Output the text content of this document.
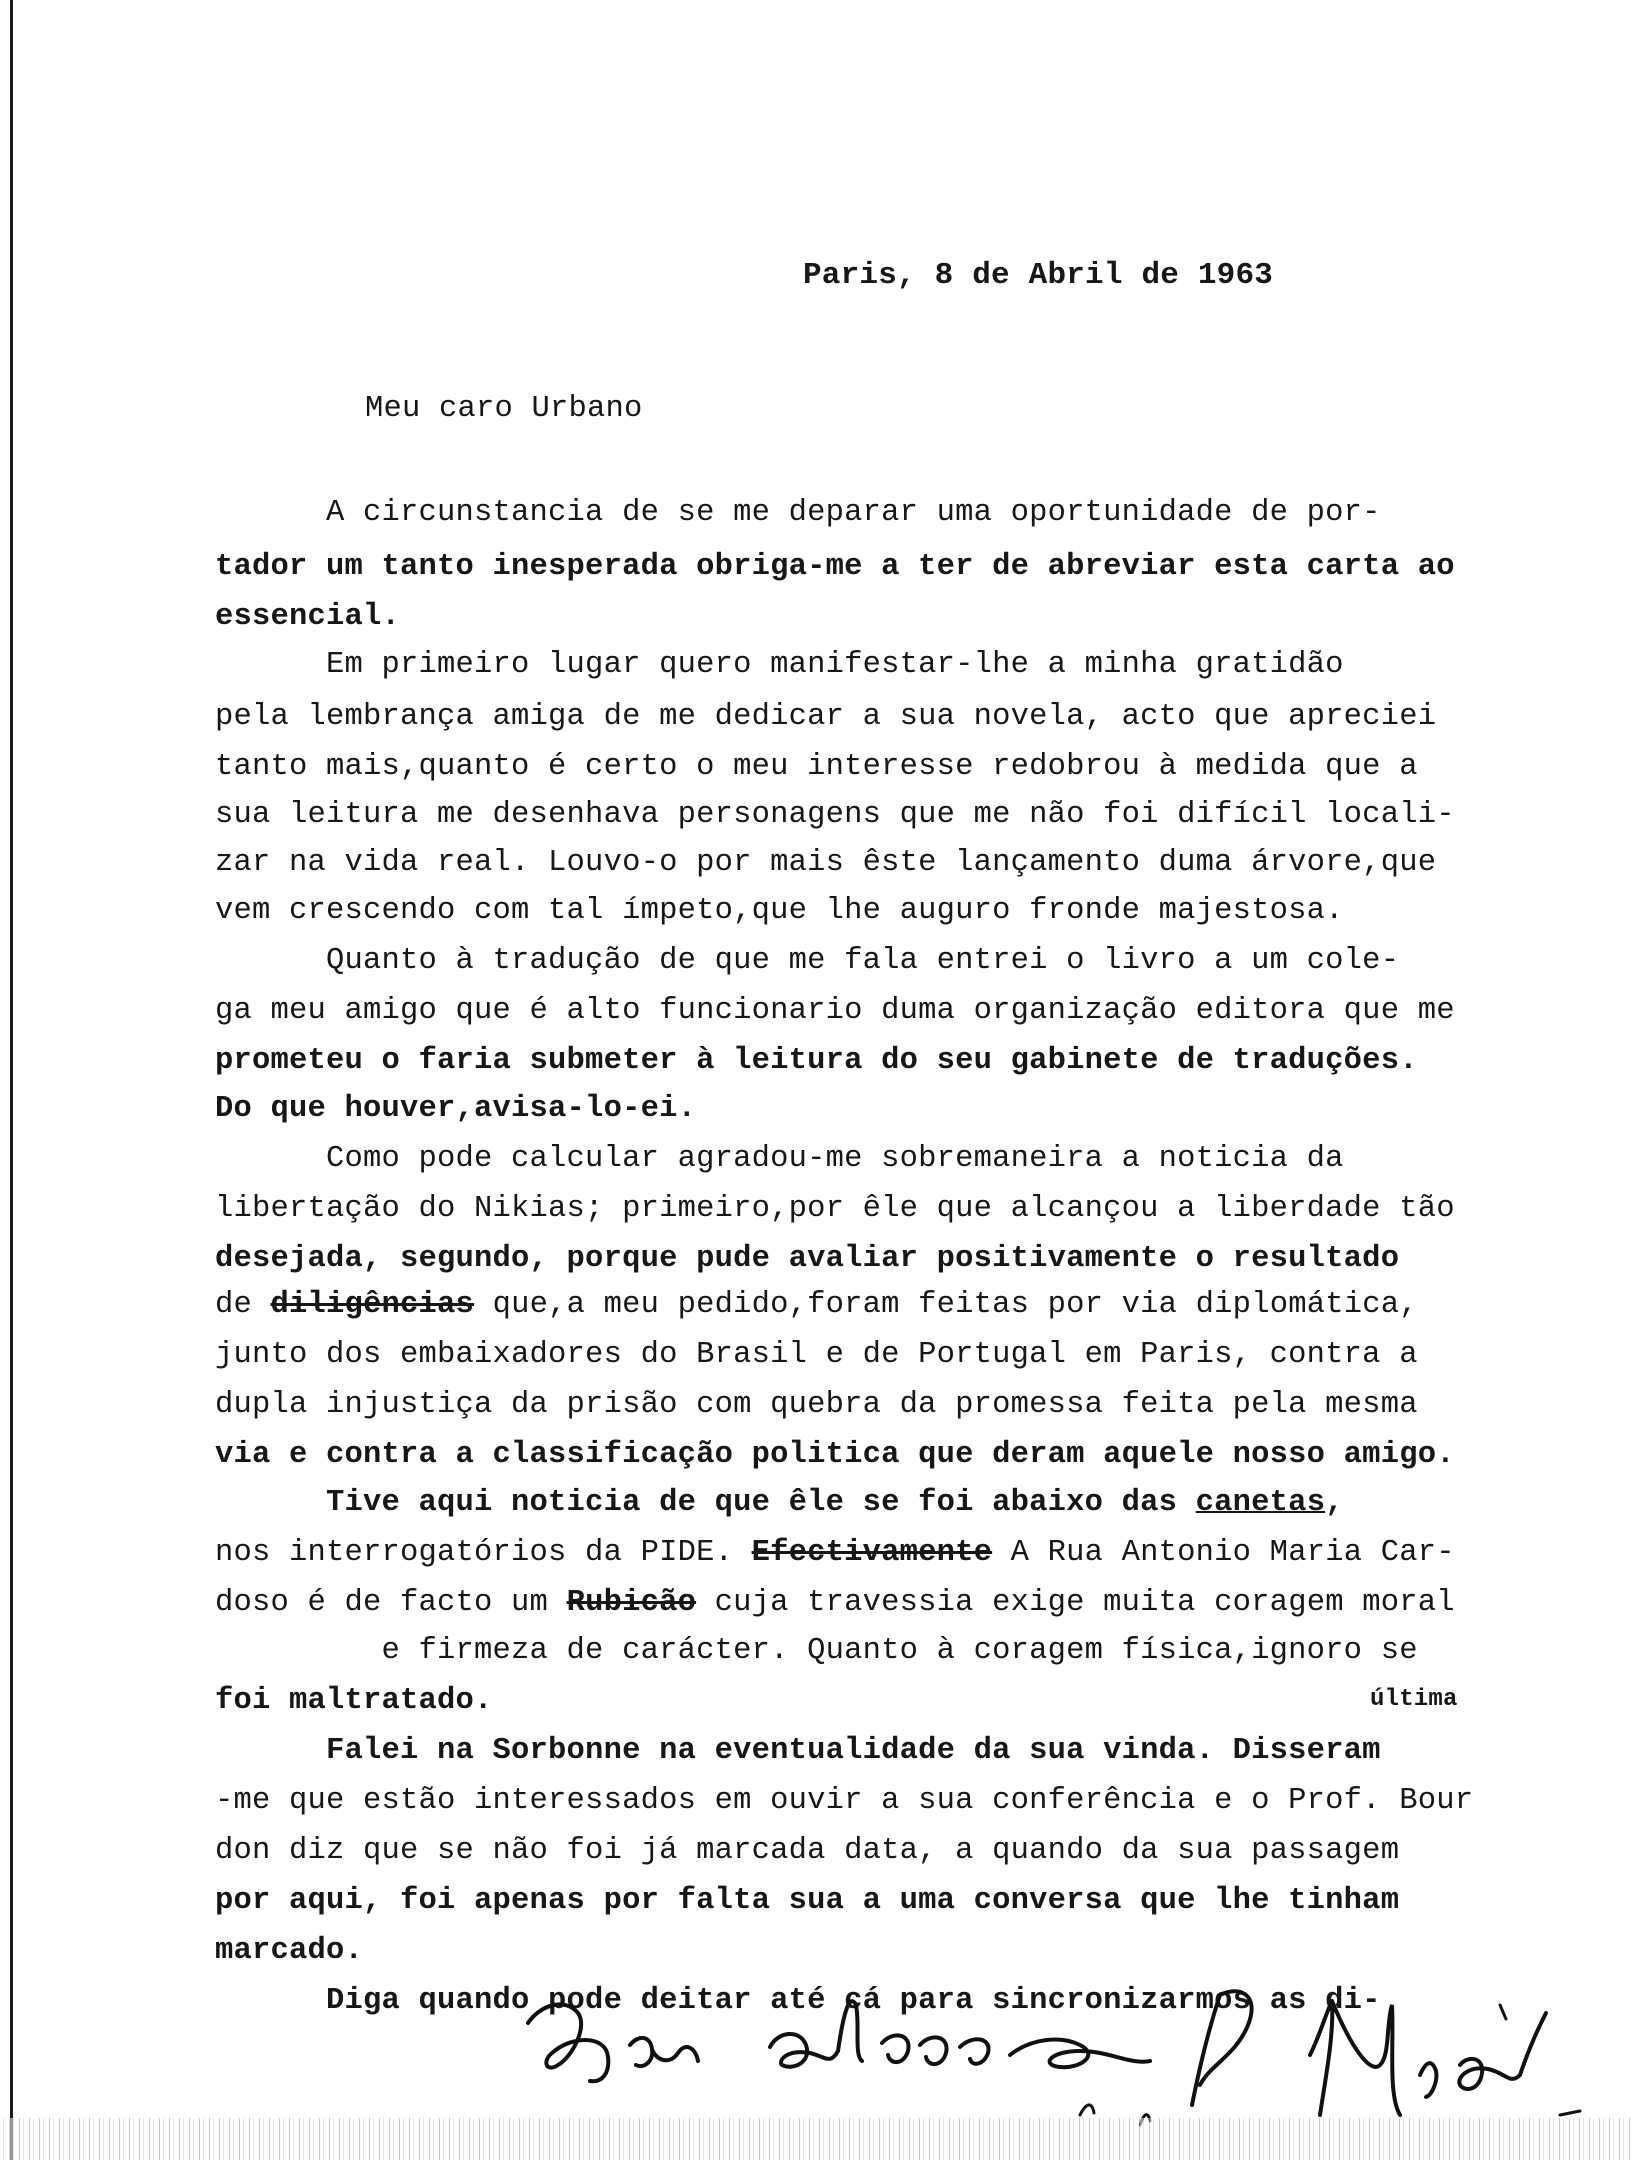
Paris, 8 de Abril de 1963
Meu caro Urbano
A circunstancia de se me deparar uma oportunidade de por-
tador um tanto inesperada obriga-me a ter de abreviar esta carta ao
essencial.
Em primeiro lugar quero manifestar-lhe a minha gratidão
pela lembrança amiga de me dedicar a sua novela, acto que apreciei
tanto mais,quanto é certo o meu interesse redobrou à medida que a
sua leitura me desenhava personagens que me não foi difícil locali-
zar na vida real. Louvo-o por mais êste lançamento duma árvore,que
vem crescendo com tal ímpeto,que lhe auguro fronde majestosa.
Quanto à tradução de que me fala entrei o livro a um cole-
ga meu amigo que é alto funcionario duma organização editora que me
prometeu o faria submeter à leitura do seu gabinete de traduções.
Do que houver,avisa-lo-ei.
Como pode calcular agradou-me sobremaneira a noticia da
libertação do Nikias; primeiro,por êle que alcançou a liberdade tão
desejada, segundo, porque pude avaliar positivamente o resultado
de diligências que,a meu pedido,foram feitas por via diplomática,
junto dos embaixadores do Brasil e de Portugal em Paris, contra a
dupla injustiça da prisão com quebra da promessa feita pela mesma
via e contra a classificação politica que deram aquele nosso amigo.
Tive aqui noticia de que êle se foi abaixo das canetas,
nos interrogatórios da PIDE. Efectivamente A Rua Antonio Maria Car-
doso é de facto um Rubicão cuja travessia exige muita coragem moral
e firmeza de carácter. Quanto à coragem física,ignoro se
foi maltratado.
Falei na Sorbonne na eventualidade da sua vinda. Disseram
-me que estão interessados em ouvir a sua conferência e o Prof. Bour
don diz que se não foi já marcada data, a quando da sua passagem
por aqui, foi apenas por falta sua a uma conversa que lhe tinham
marcado.
Diga quando pode deitar até cá para sincronizarmos as di-

última
